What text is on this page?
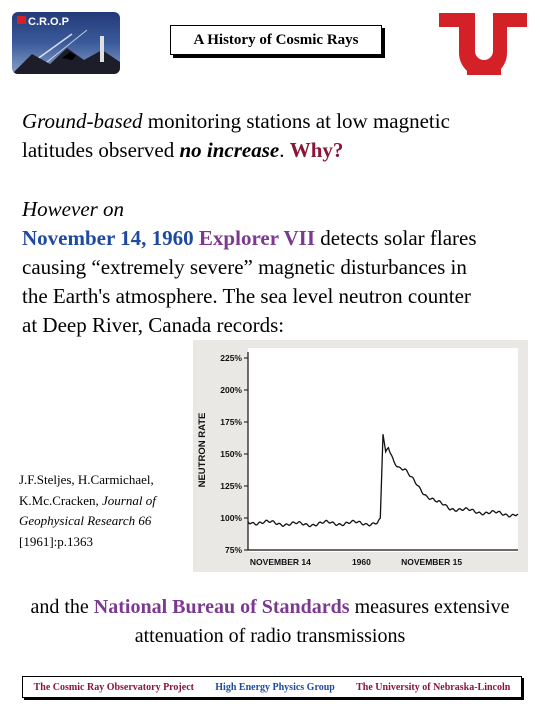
C.R.O.P
A History of Cosmic Rays

Ground-based monitoring stations at low magnetic latitudes observed no increase. Why?

However on
November 14, 1960 Explorer VII detects solar flares
causing “extremely severe” magnetic disturbances in
the Earth's atmosphere. The sea level neutron counter
at Deep River, Canada records:
225%
200%
175%
150%
125%
100%
75%
NOVEMBER 14	1960	NOVEMBER 15
NEUTRON RATE

J.F.Steljes, H.Carmichael, K.Mc.Cracken, Journal of Geophysical Research 66 [1961]:p.1363

and the National Bureau of Standards measures extensive attenuation of radio transmissions

The Cosmic Ray Observatory Project High Energy Physics Group The University of Nebraska-Lincoln
